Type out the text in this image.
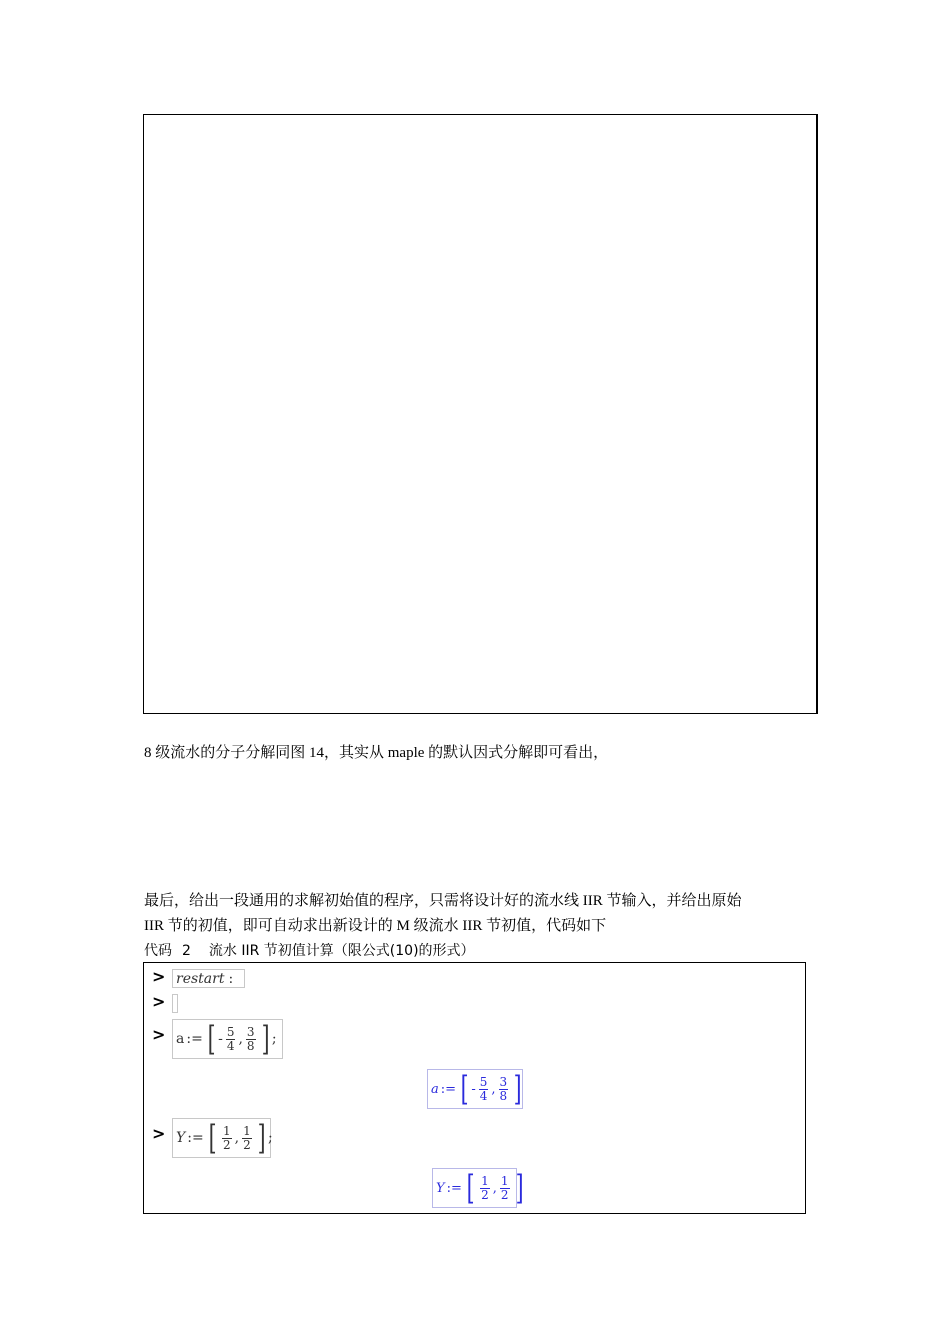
8 级流水的分子分解同图 14，其实从 maple 的默认因式分解即可看出，
最后，给出一段通用的求解初始值的程序，只需将设计好的流水线 IIR 节输入，并给出原始
IIR 节的初值，即可自动求出新设计的 M 级流水 IIR 节初值，代码如下
代码 2 流水 IIR 节初值计算（限公式(10)的形式）
> restart :
>
> a := [ - $\frac{5}{4}$ , $\frac{3}{8}$ ] ;
a := [ - $\frac{5}{4}$ , $\frac{3}{8}$ ]
> Y := [ $\frac{1}{2}$ , $\frac{1}{2}$ ] ;
Y := [ $\frac{1}{2}$ , $\frac{1}{2}$ ]
